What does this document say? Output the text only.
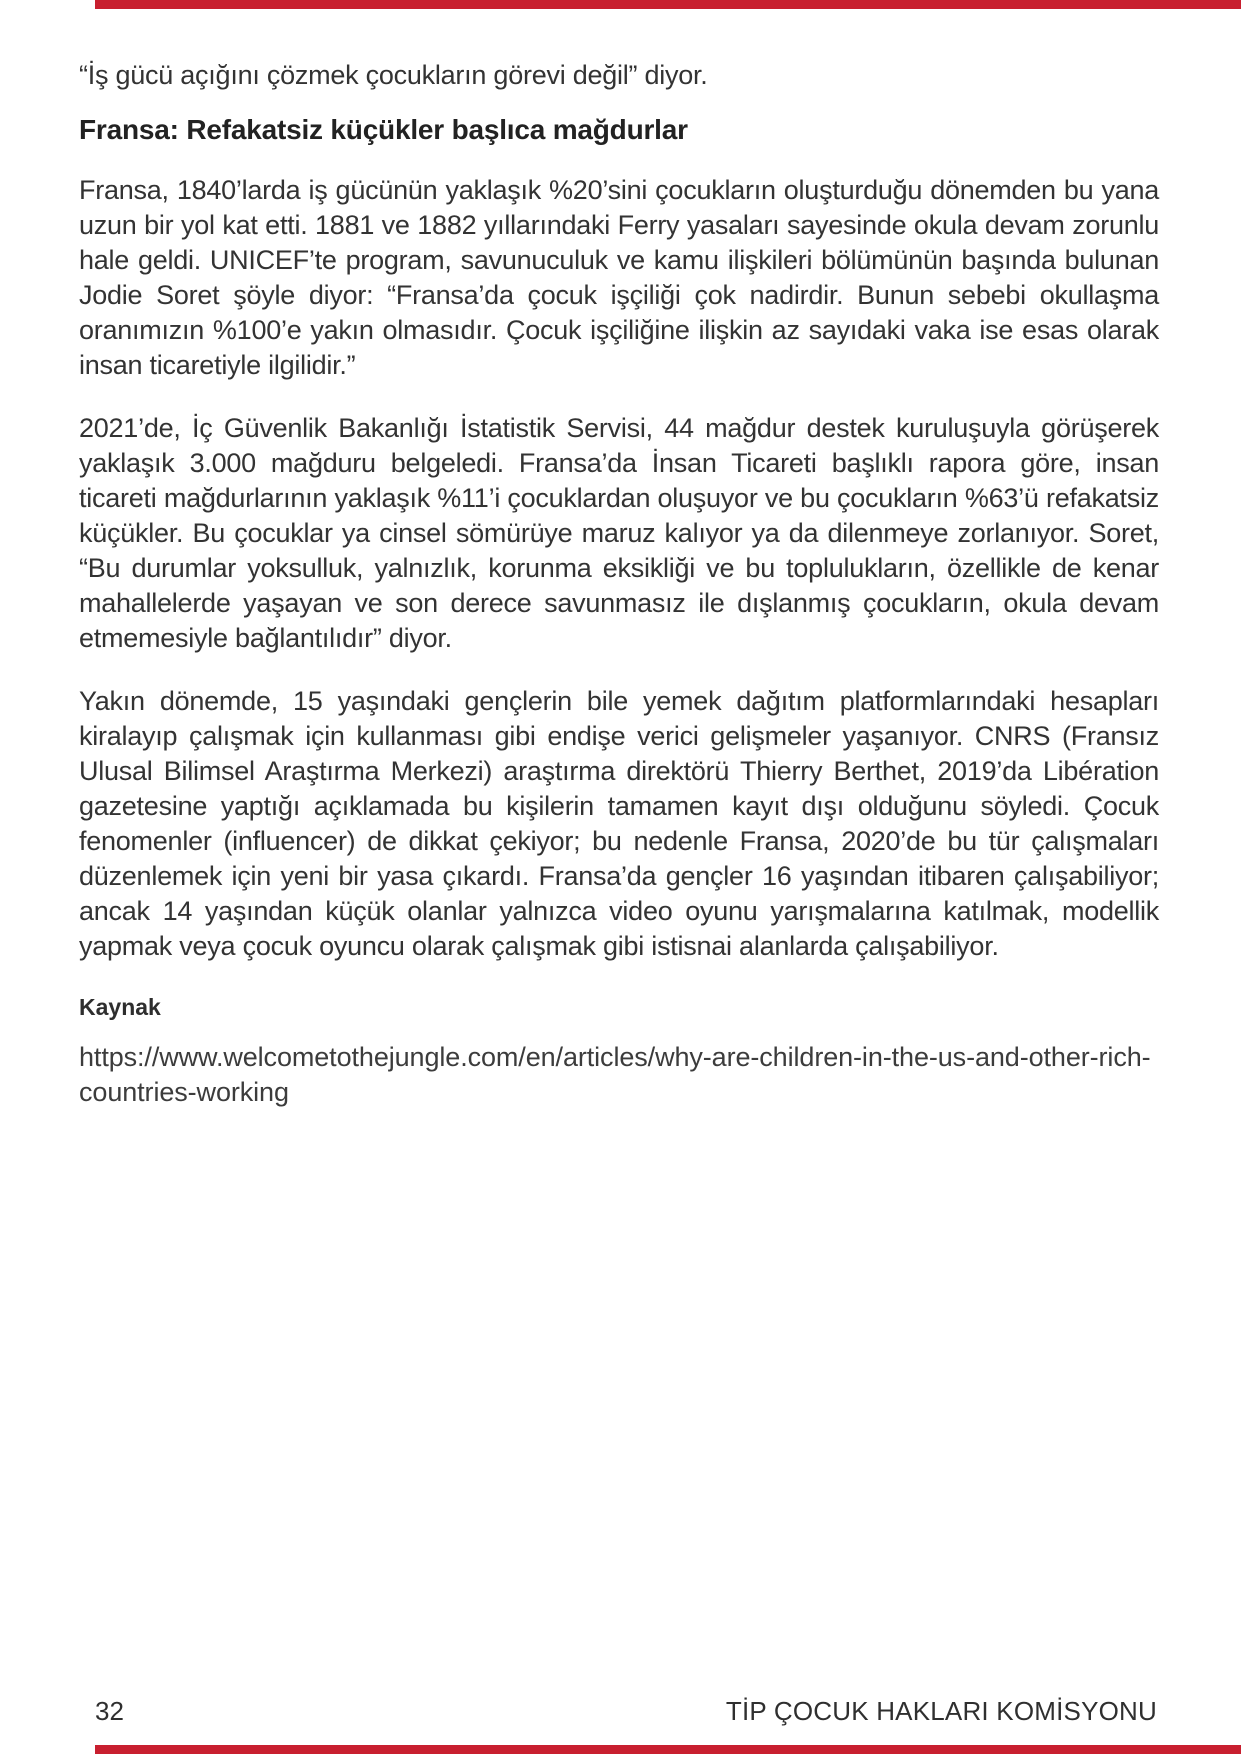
“İş gücü açığını çözmek çocukların görevi değil” diyor.

Fransa: Refakatsiz küçükler başlıca mağdurlar

Fransa, 1840’larda iş gücünün yaklaşık %20’sini çocukların oluşturduğu dönemden bu yana uzun bir yol kat etti. 1881 ve 1882 yıllarındaki Ferry yasaları sayesinde okula devam zorunlu hale geldi. UNICEF’te program, savunuculuk ve kamu ilişkileri bölümünün başında bulunan Jodie Soret şöyle diyor: “Fransa’da çocuk işçiliği çok nadirdir. Bunun sebebi okullaşma oranımızın %100’e yakın olmasıdır. Çocuk işçiliğine ilişkin az sayıdaki vaka ise esas olarak insan ticaretiyle ilgilidir.”

2021’de, İç Güvenlik Bakanlığı İstatistik Servisi, 44 mağdur destek kuruluşuyla görüşerek yaklaşık 3.000 mağduru belgeledi. Fransa’da İnsan Ticareti başlıklı rapora göre, insan ticareti mağdurlarının yaklaşık %11’i çocuklardan oluşuyor ve bu çocukların %63’ü refakatsiz küçükler. Bu çocuklar ya cinsel sömürüye maruz kalıyor ya da dilenmeye zorlanıyor. Soret, “Bu durumlar yoksulluk, yalnızlık, korunma eksikliği ve bu toplulukların, özellikle de kenar mahallelerde yaşayan ve son derece savunmasız ile dışlanmış çocukların, okula devam etmemesiyle bağlantılıdır” diyor.

Yakın dönemde, 15 yaşındaki gençlerin bile yemek dağıtım platformlarındaki hesapları kiralayıp çalışmak için kullanması gibi endişe verici gelişmeler yaşanıyor. CNRS (Fransız Ulusal Bilimsel Araştırma Merkezi) araştırma direktörü Thierry Berthet, 2019’da Libération gazetesine yaptığı açıklamada bu kişilerin tamamen kayıt dışı olduğunu söyledi. Çocuk fenomenler (influencer) de dikkat çekiyor; bu nedenle Fransa, 2020’de bu tür çalışmaları düzenlemek için yeni bir yasa çıkardı. Fransa’da gençler 16 yaşından itibaren çalışabiliyor; ancak 14 yaşından küçük olanlar yalnızca video oyunu yarışmalarına katılmak, modellik yapmak veya çocuk oyuncu olarak çalışmak gibi istisnai alanlarda çalışabiliyor.

Kaynak

https://www.welcometothejungle.com/en/articles/why-are-children-in-the-us-and-other-rich-countries-working

32	TİP ÇOCUK HAKLARI KOMİSYONU
